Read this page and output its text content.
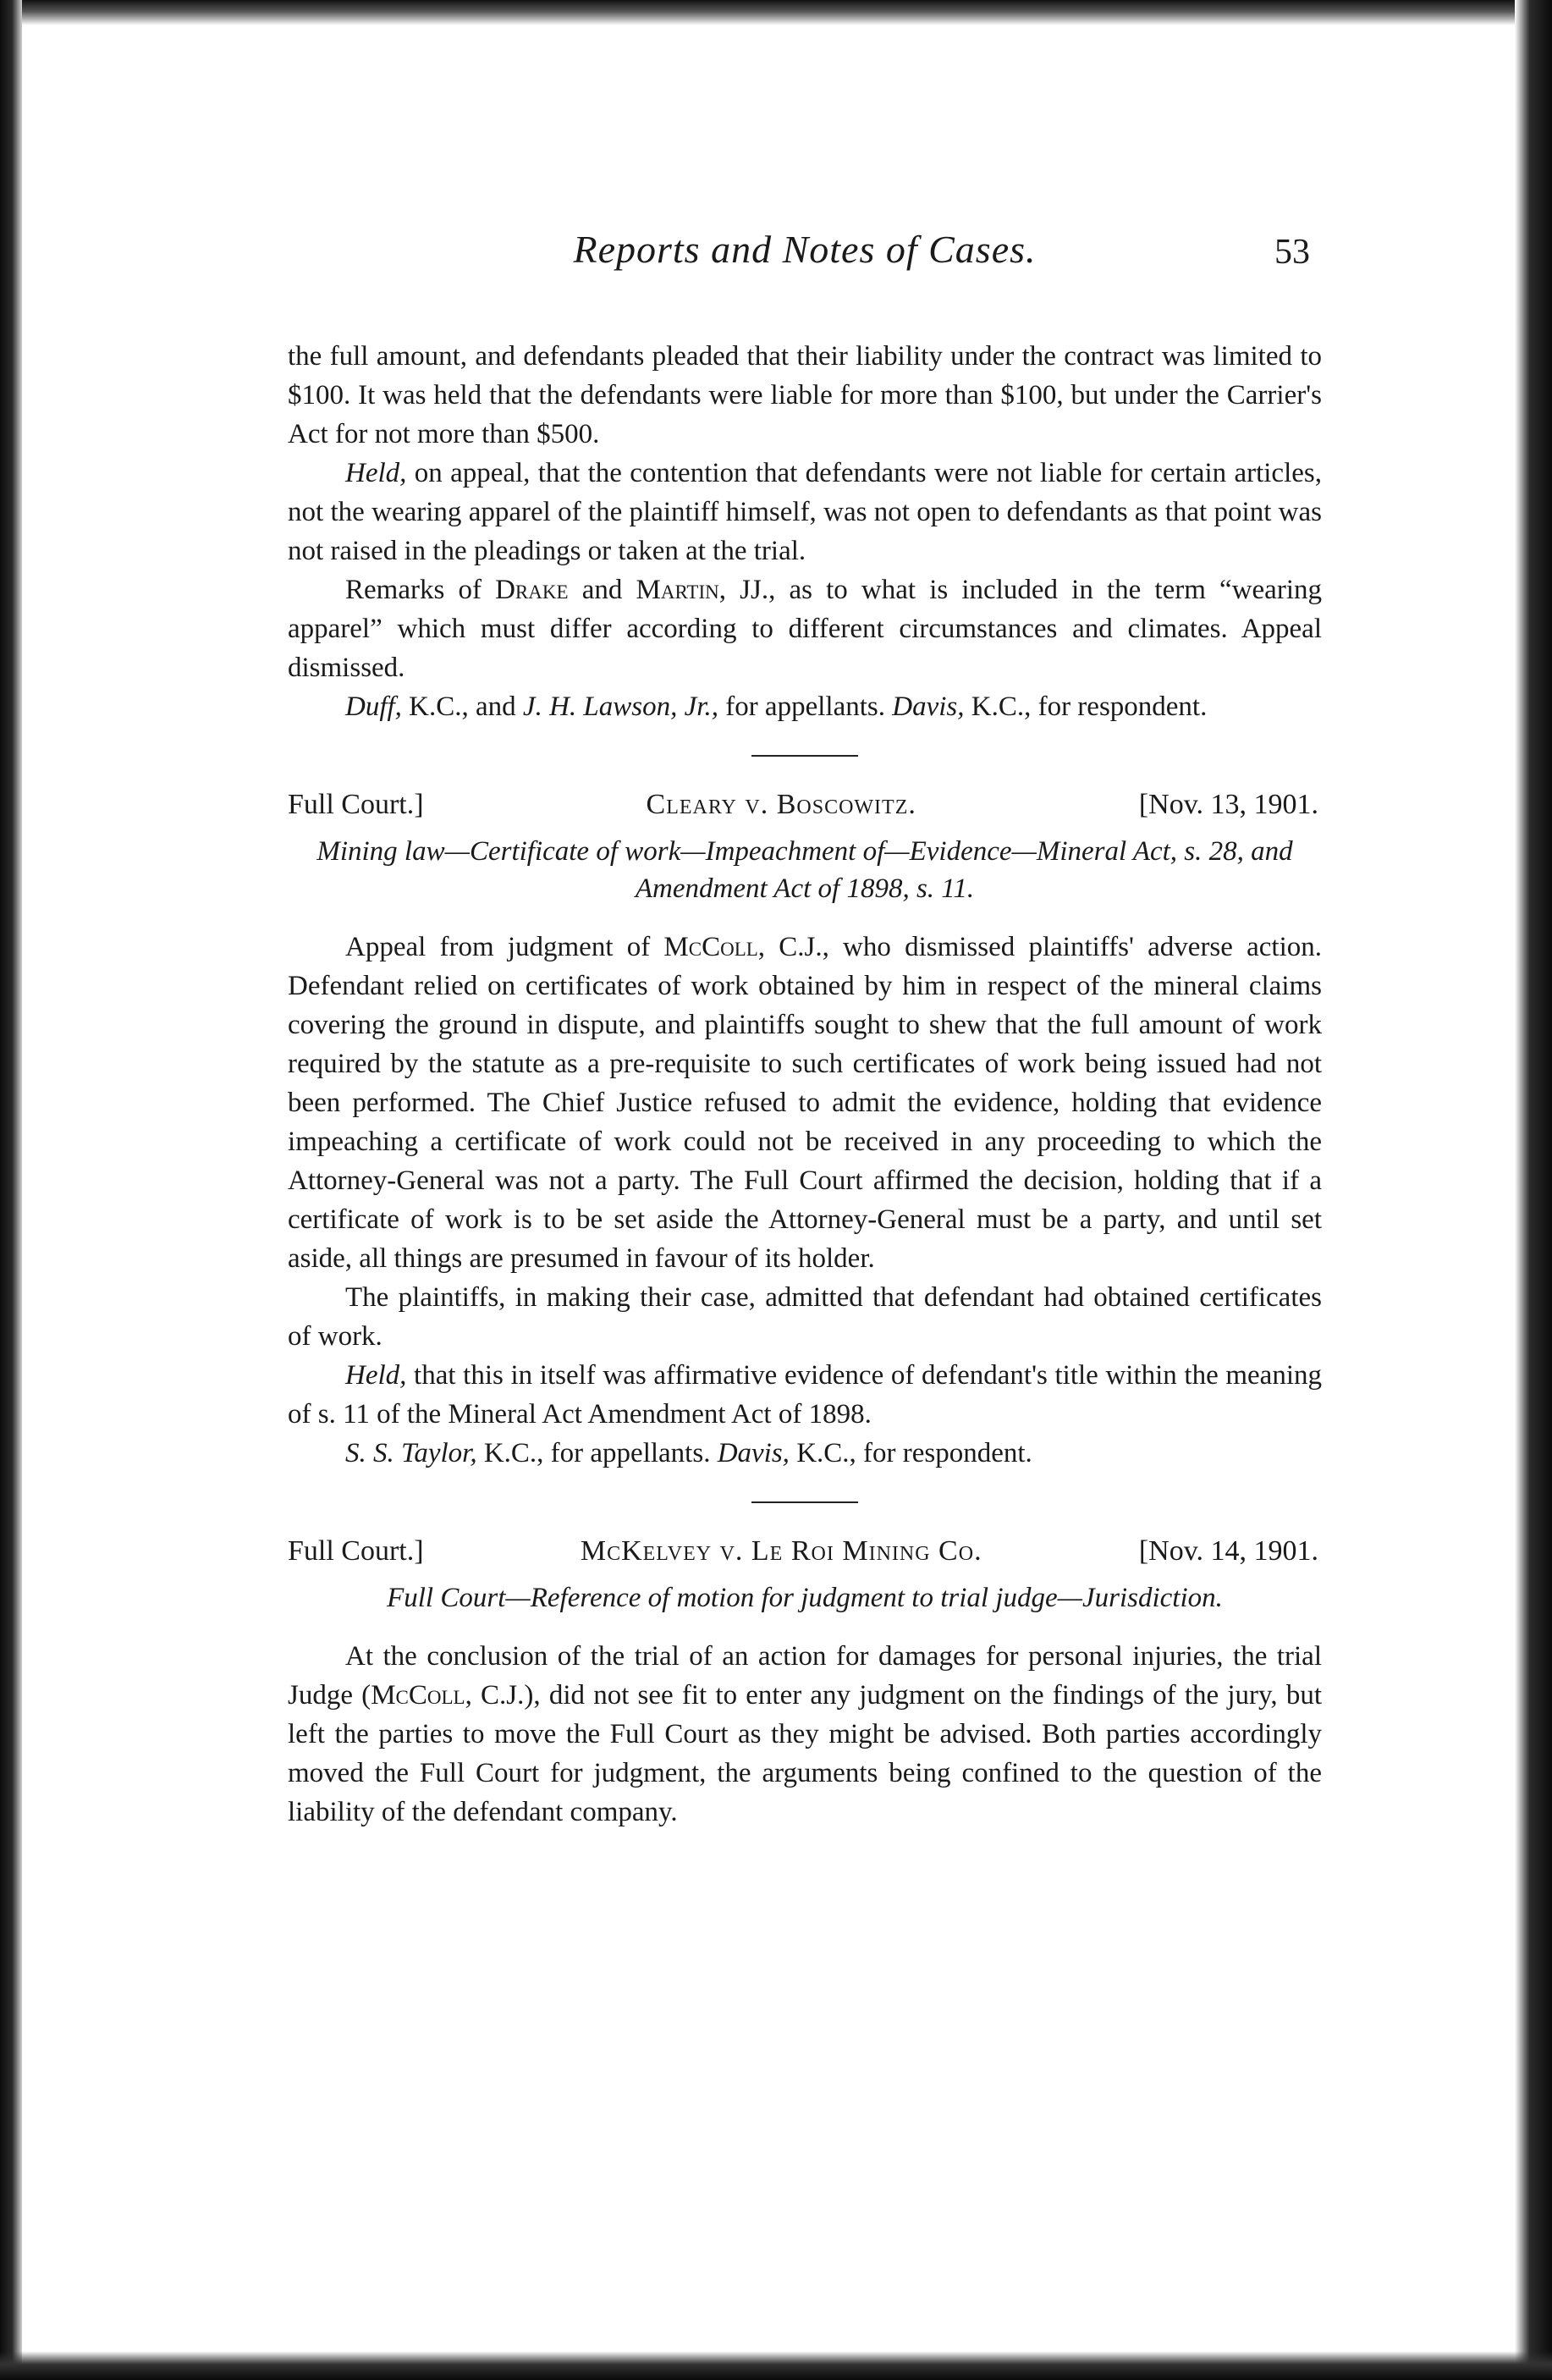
Reports and Notes of Cases.	53

the full amount, and defendants pleaded that their liability under the contract was limited to $100. It was held that the defendants were liable for more than $100, but under the Carrier's Act for not more than $500.

Held, on appeal, that the contention that defendants were not liable for certain articles, not the wearing apparel of the plaintiff himself, was not open to defendants as that point was not raised in the pleadings or taken at the trial.

Remarks of Drake and Martin, JJ., as to what is included in the term “wearing apparel” which must differ according to different circumstances and climates. Appeal dismissed.

Duff, K.C., and J. H. Lawson, Jr., for appellants. Davis, K.C., for respondent.

Full Court.]	Cleary v. Boscowitz.	[Nov. 13, 1901.
Mining law—Certificate of work—Impeachment of—Evidence—Mineral Act, s. 28, and Amendment Act of 1898, s. 11.

Appeal from judgment of McColl, C.J., who dismissed plaintiffs' adverse action. Defendant relied on certificates of work obtained by him in respect of the mineral claims covering the ground in dispute, and plaintiffs sought to shew that the full amount of work required by the statute as a pre-requisite to such certificates of work being issued had not been performed. The Chief Justice refused to admit the evidence, holding that evidence impeaching a certificate of work could not be received in any proceeding to which the Attorney-General was not a party. The Full Court affirmed the decision, holding that if a certificate of work is to be set aside the Attorney-General must be a party, and until set aside, all things are presumed in favour of its holder.

The plaintiffs, in making their case, admitted that defendant had obtained certificates of work.

Held, that this in itself was affirmative evidence of defendant's title within the meaning of s. 11 of the Mineral Act Amendment Act of 1898.

S. S. Taylor, K.C., for appellants. Davis, K.C., for respondent.

Full Court.]	McKelvey v. Le Roi Mining Co.	[Nov. 14, 1901.
Full Court—Reference of motion for judgment to trial judge—Jurisdiction.

At the conclusion of the trial of an action for damages for personal injuries, the trial Judge (McColl, C.J.), did not see fit to enter any judgment on the findings of the jury, but left the parties to move the Full Court as they might be advised. Both parties accordingly moved the Full Court for judgment, the arguments being confined to the question of the liability of the defendant company.
